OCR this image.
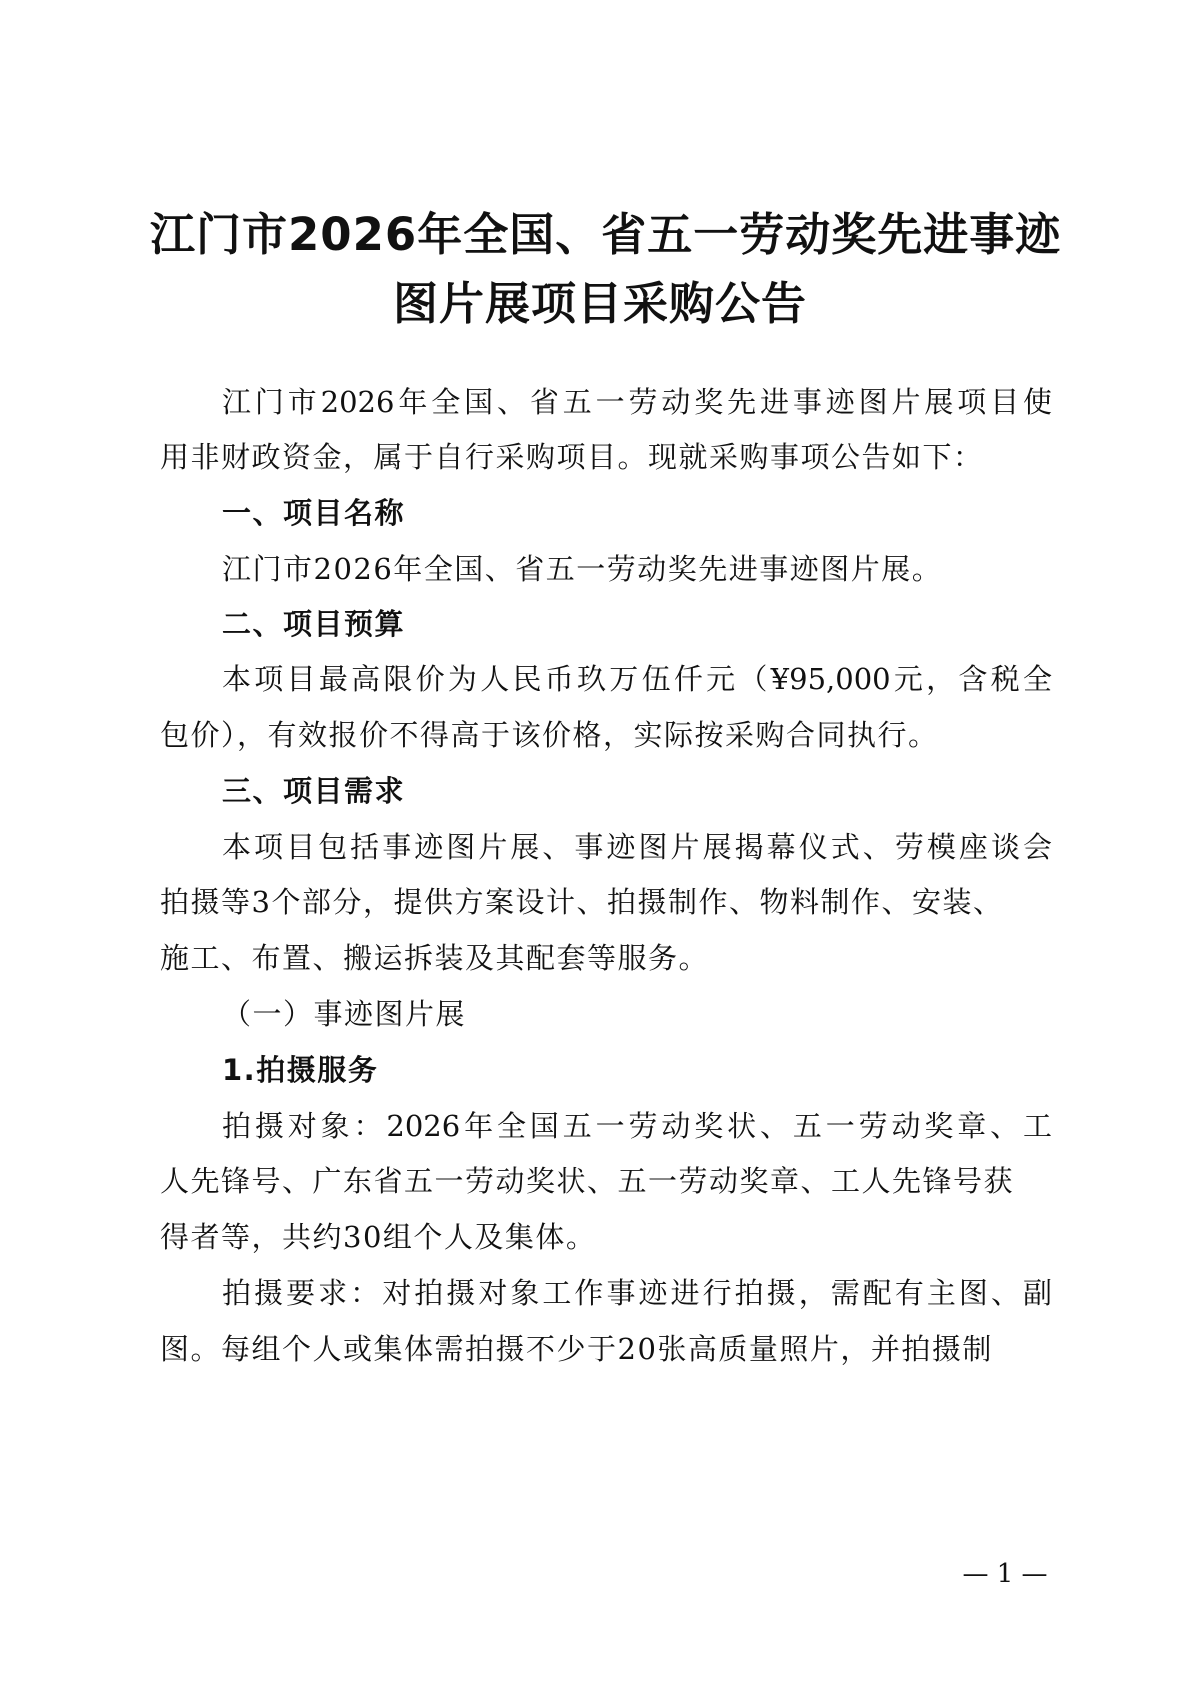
江门市2026年全国、省五一劳动奖先进事迹
图片展项目采购公告
江门市2026年全国、省五一劳动奖先进事迹图片展项目使
用非财政资金，属于自行采购项目。现就采购事项公告如下：
一、项目名称
江门市2026年全国、省五一劳动奖先进事迹图片展。
二、项目预算
本项目最高限价为人民币玖万伍仟元（¥95,000元，含税全
包价），有效报价不得高于该价格，实际按采购合同执行。
三、项目需求
本项目包括事迹图片展、事迹图片展揭幕仪式、劳模座谈会
拍摄等3个部分，提供方案设计、拍摄制作、物料制作、安装、
施工、布置、搬运拆装及其配套等服务。
（一）事迹图片展
1.拍摄服务
拍摄对象：2026年全国五一劳动奖状、五一劳动奖章、工
人先锋号、广东省五一劳动奖状、五一劳动奖章、工人先锋号获
得者等，共约30组个人及集体。
拍摄要求：对拍摄对象工作事迹进行拍摄，需配有主图、副
图。每组个人或集体需拍摄不少于20张高质量照片，并拍摄制
— 1 —
